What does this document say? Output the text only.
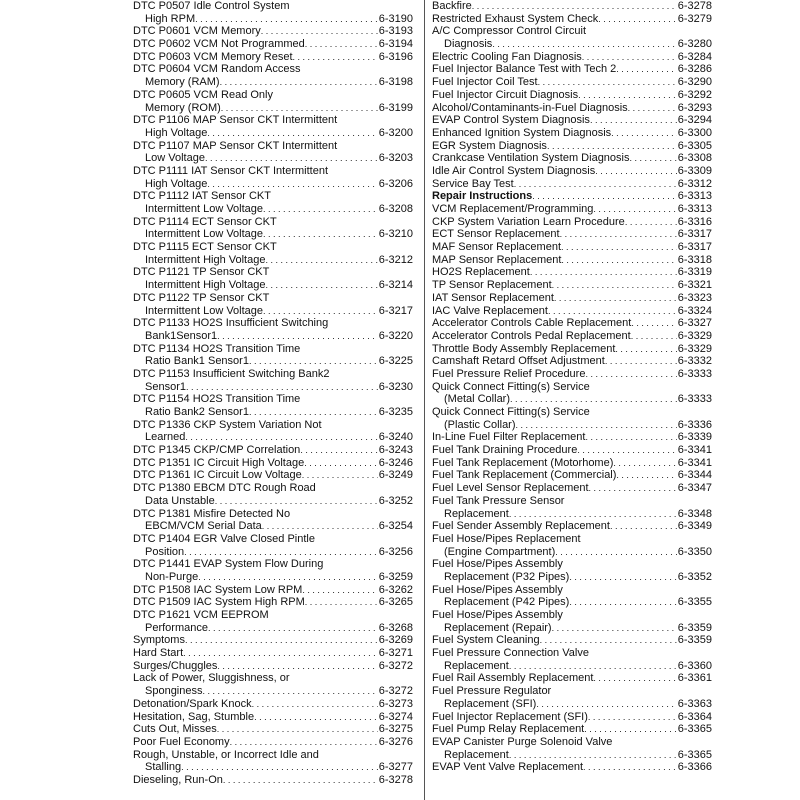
DTC P0507 Idle Control System
High RPM . . .	6-3190
DTC P0601 VCM Memory . . .	6-3193
DTC P0602 VCM Not Programmed . . .	6-3194
DTC P0603 VCM Memory Reset . . .	6-3196
DTC P0604 VCM Random Access
Memory (RAM) . . .	6-3198
DTC P0605 VCM Read Only
Memory (ROM) . . .	6-3199
DTC P1106 MAP Sensor CKT Intermittent
High Voltage . . .	6-3200
DTC P1107 MAP Sensor CKT Intermittent
Low Voltage . . .	6-3203
DTC P1111 IAT Sensor CKT Intermittent
High Voltage . . .	6-3206
DTC P1112 IAT Sensor CKT
Intermittent Low Voltage . . .	6-3208
DTC P1114 ECT Sensor CKT
Intermittent Low Voltage . . .	6-3210
DTC P1115 ECT Sensor CKT
Intermittent High Voltage . . .	6-3212
DTC P1121 TP Sensor CKT
Intermittent High Voltage . . .	6-3214
DTC P1122 TP Sensor CKT
Intermittent Low Voltage . . .	6-3217
DTC P1133 HO2S Insufficient Switching
Bank1Sensor1 . . .	6-3220
DTC P1134 HO2S Transition Time
Ratio Bank1 Sensor1 . . .	6-3225
DTC P1153 Insufficient Switching Bank2
Sensor1 . . .	6-3230
DTC P1154 HO2S Transition Time
Ratio Bank2 Sensor1 . . .	6-3235
DTC P1336 CKP System Variation Not
Learned . . .	6-3240
DTC P1345 CKP/CMP Correlation . . .	6-3243
DTC P1351 IC Circuit High Voltage . . .	6-3246
DTC P1361 IC Circuit Low Voltage . . .	6-3249
DTC P1380 EBCM DTC Rough Road
Data Unstable . . .	6-3252
DTC P1381 Misfire Detected No
EBCM/VCM Serial Data . . .	6-3254
DTC P1404 EGR Valve Closed Pintle
Position . . .	6-3256
DTC P1441 EVAP System Flow During
Non-Purge . . .	6-3259
DTC P1508 IAC System Low RPM . . .	6-3262
DTC P1509 IAC System High RPM . . .	6-3265
DTC P1621 VCM EEPROM
Performance . . .	6-3268
Symptoms . . .	6-3269
Hard Start . . .	6-3271
Surges/Chuggles . . .	6-3272
Lack of Power, Sluggishness, or
Sponginess . . .	6-3272
Detonation/Spark Knock . . .	6-3273
Hesitation, Sag, Stumble . . .	6-3274
Cuts Out, Misses . . .	6-3275
Poor Fuel Economy . . .	6-3276
Rough, Unstable, or Incorrect Idle and
Stalling . . .	6-3277
Dieseling, Run-On . . .	6-3278
Backfire . . .	6-3278
Restricted Exhaust System Check . . .	6-3279
A/C Compressor Control Circuit
Diagnosis . . .	6-3280
Electric Cooling Fan Diagnosis . . .	6-3284
Fuel Injector Balance Test with Tech 2 . . .	6-3286
Fuel Injector Coil Test . . .	6-3290
Fuel Injector Circuit Diagnosis . . .	6-3292
Alcohol/Contaminants-in-Fuel Diagnosis . . .	6-3293
EVAP Control System Diagnosis . . .	6-3294
Enhanced Ignition System Diagnosis . . .	6-3300
EGR System Diagnosis . . .	6-3305
Crankcase Ventilation System Diagnosis . . .	6-3308
Idle Air Control System Diagnosis . . .	6-3309
Service Bay Test . . .	6-3312
Repair Instructions . . .	6-3313
VCM Replacement/Programming . . .	6-3313
CKP System Variation Learn Procedure . . .	6-3316
ECT Sensor Replacement . . .	6-3317
MAF Sensor Replacement . . .	6-3317
MAP Sensor Replacement . . .	6-3318
HO2S Replacement . . .	6-3319
TP Sensor Replacement . . .	6-3321
IAT Sensor Replacement . . .	6-3323
IAC Valve Replacement . . .	6-3324
Accelerator Controls Cable Replacement . . .	6-3327
Accelerator Controls Pedal Replacement . . .	6-3329
Throttle Body Assembly Replacement . . .	6-3329
Camshaft Retard Offset Adjustment . . .	6-3332
Fuel Pressure Relief Procedure . . .	6-3333
Quick Connect Fitting(s) Service
(Metal Collar) . . .	6-3333
Quick Connect Fitting(s) Service
(Plastic Collar) . . .	6-3336
In-Line Fuel Filter Replacement . . .	6-3339
Fuel Tank Draining Procedure . . .	6-3341
Fuel Tank Replacement (Motorhome) . . .	6-3341
Fuel Tank Replacement (Commercial) . . .	6-3344
Fuel Level Sensor Replacement . . .	6-3347
Fuel Tank Pressure Sensor
Replacement . . .	6-3348
Fuel Sender Assembly Replacement . . .	6-3349
Fuel Hose/Pipes Replacement
(Engine Compartment) . . .	6-3350
Fuel Hose/Pipes Assembly
Replacement (P32 Pipes) . . .	6-3352
Fuel Hose/Pipes Assembly
Replacement (P42 Pipes) . . .	6-3355
Fuel Hose/Pipes Assembly
Replacement (Repair) . . .	6-3359
Fuel System Cleaning . . .	6-3359
Fuel Pressure Connection Valve
Replacement . . .	6-3360
Fuel Rail Assembly Replacement . . .	6-3361
Fuel Pressure Regulator
Replacement (SFI) . . .	6-3363
Fuel Injector Replacement (SFI) . . .	6-3364
Fuel Pump Relay Replacement . . .	6-3365
EVAP Canister Purge Solenoid Valve
Replacement . . .	6-3365
EVAP Vent Valve Replacement . . .	6-3366
